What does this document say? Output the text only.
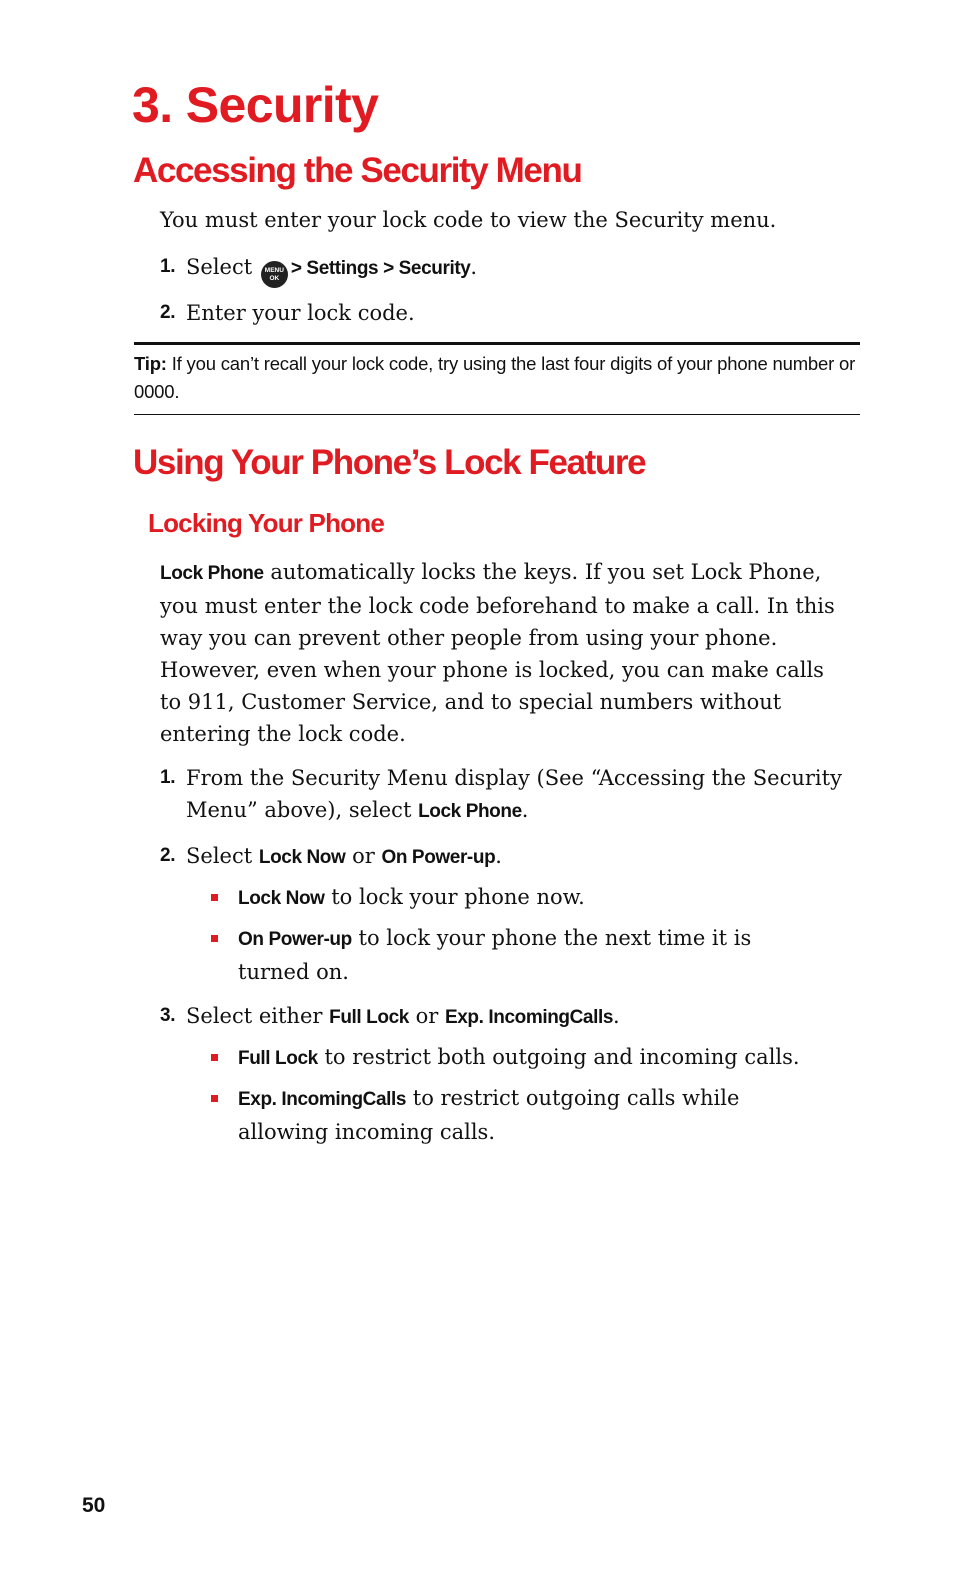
3. Security
Accessing the Security Menu

You must enter your lock code to view the Security menu.

1. Select MENU
OK > Settings > Security.
2. Enter your lock code.
Tip: If you can’t recall your lock code, try using the last four digits of your phone number or 0000.
Using Your Phone’s Lock Feature
Locking Your Phone

Lock Phone automatically locks the keys. If you set Lock Phone, you must enter the lock code beforehand to make a call. In this way you can prevent other people from using your phone. However, even when your phone is locked, you can make calls to 911, Customer Service, and to special numbers without entering the lock code.

1. From the Security Menu display (See “Accessing the Security Menu” above), select Lock Phone.
2. Select Lock Now or On Power-up.
Lock Now to lock your phone now.
On Power-up to lock your phone the next time it is turned on.
3. Select either Full Lock or Exp. IncomingCalls.
Full Lock to restrict both outgoing and incoming calls.
Exp. IncomingCalls to restrict outgoing calls while allowing incoming calls.
50
